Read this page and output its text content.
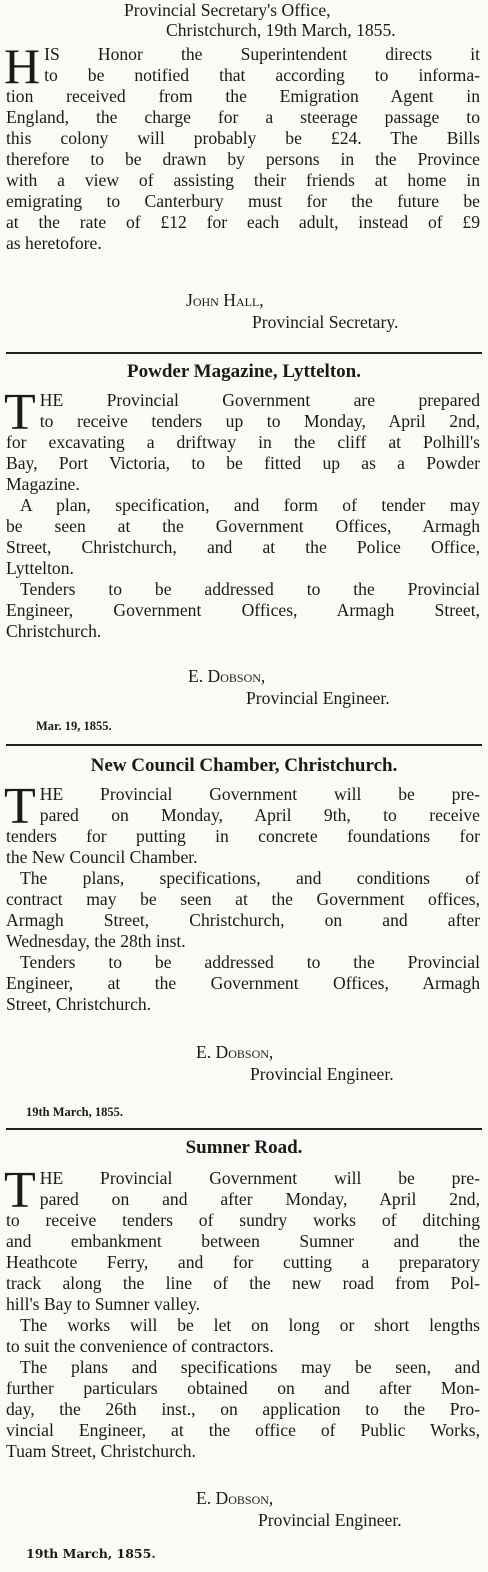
Provincial Secretary's Office,
Christchurch, 19th March, 1855.
H IS Honor the Superintendent directs it
to be notified that according to informa-
tion received from the Emigration Agent in
England, the charge for a steerage passage to
this colony will probably be £24. The Bills
therefore to be drawn by persons in the Province
with a view of assisting their friends at home in
emigrating to Canterbury must for the future be
at the rate of £12 for each adult, instead of £9
as heretofore.
John Hall,
Provincial Secretary.
Powder Magazine, Lyttelton.
T HE Provincial Government are prepared
to receive tenders up to Monday, April 2nd,
for excavating a driftway in the cliff at Polhill's
Bay, Port Victoria, to be fitted up as a Powder
Magazine.
A plan, specification, and form of tender may
be seen at the Government Offices, Armagh
Street, Christchurch, and at the Police Office,
Lyttelton.
Tenders to be addressed to the Provincial
Engineer, Government Offices, Armagh Street,
Christchurch.
E. Dobson,
Provincial Engineer.
Mar. 19, 1855.
New Council Chamber, Christchurch.
T HE Provincial Government will be pre-
pared on Monday, April 9th, to receive
tenders for putting in concrete foundations for
the New Council Chamber.
The plans, specifications, and conditions of
contract may be seen at the Government offices,
Armagh Street, Christchurch, on and after
Wednesday, the 28th inst.
Tenders to be addressed to the Provincial
Engineer, at the Government Offices, Armagh
Street, Christchurch.
E. Dobson,
Provincial Engineer.
19th March, 1855.
Sumner Road.
T HE Provincial Government will be pre-
pared on and after Monday, April 2nd,
to receive tenders of sundry works of ditching
and embankment between Sumner and the
Heathcote Ferry, and for cutting a preparatory
track along the line of the new road from Pol-
hill's Bay to Sumner valley.
The works will be let on long or short lengths
to suit the convenience of contractors.
The plans and specifications may be seen, and
further particulars obtained on and after Mon-
day, the 26th inst., on application to the Pro-
vincial Engineer, at the office of Public Works,
Tuam Street, Christchurch.
E. Dobson,
Provincial Engineer.
19th March, 1855.
